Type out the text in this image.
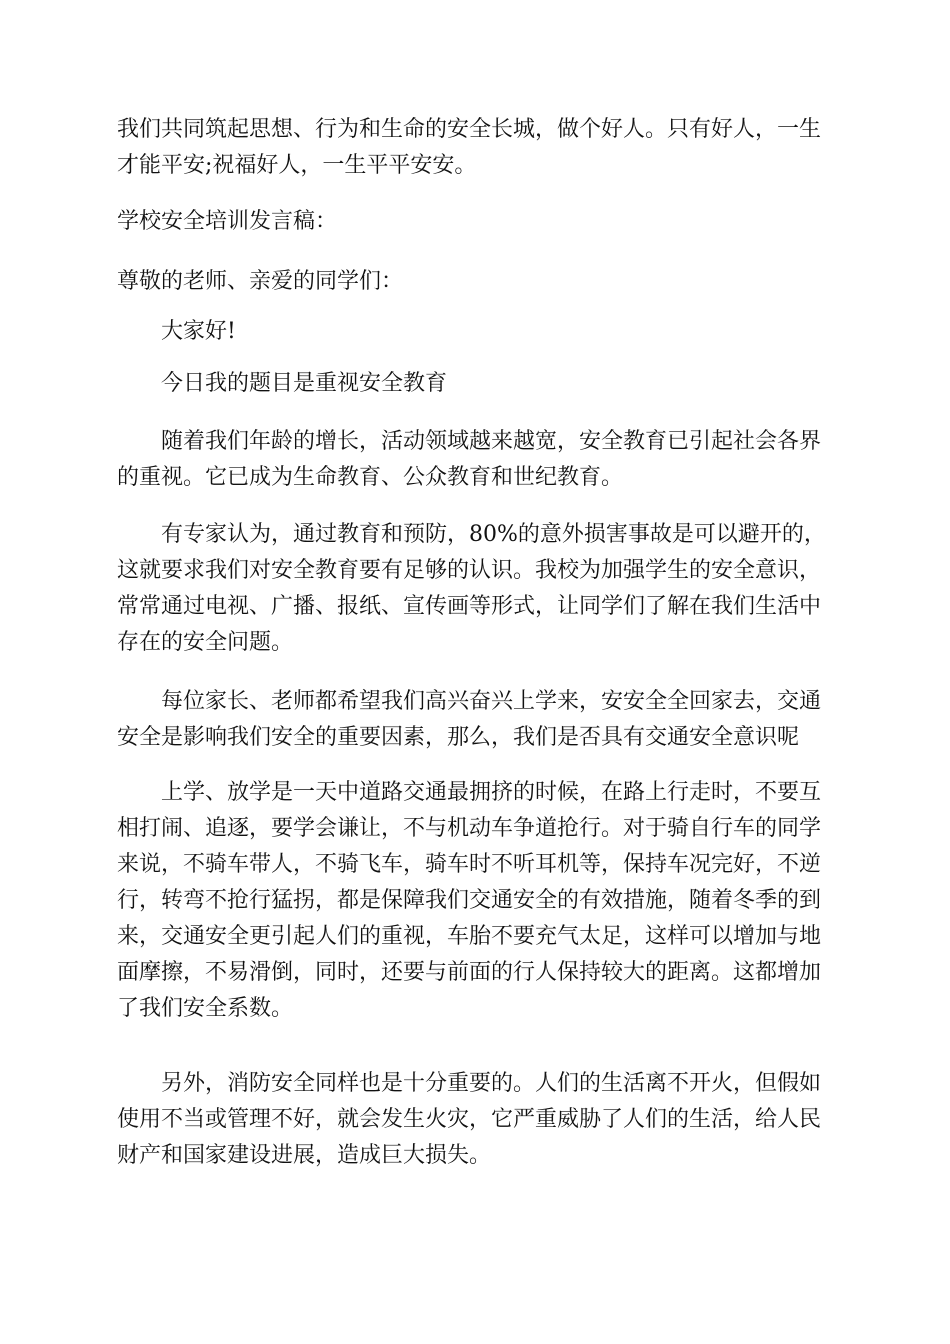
我们共同筑起思想、行为和生命的安全长城，做个好人。只有好人，一生才能平安;祝福好人，一生平平安安。

学校安全培训发言稿：

尊敬的老师、亲爱的同学们：

大家好!

今日我的题目是重视安全教育

随着我们年龄的增长，活动领域越来越宽，安全教育已引起社会各界的重视。它已成为生命教育、公众教育和世纪教育。

有专家认为，通过教育和预防，80%的意外损害事故是可以避开的，这就要求我们对安全教育要有足够的认识。我校为加强学生的安全意识，常常通过电视、广播、报纸、宣传画等形式，让同学们了解在我们生活中存在的安全问题。

每位家长、老师都希望我们高兴奋兴上学来，安安全全回家去，交通安全是影响我们安全的重要因素，那么，我们是否具有交通安全意识呢

上学、放学是一天中道路交通最拥挤的时候，在路上行走时，不要互相打闹、追逐，要学会谦让，不与机动车争道抢行。对于骑自行车的同学来说，不骑车带人，不骑飞车，骑车时不听耳机等，保持车况完好，不逆行，转弯不抢行猛拐，都是保障我们交通安全的有效措施，随着冬季的到来，交通安全更引起人们的重视，车胎不要充气太足，这样可以增加与地面摩擦，不易滑倒，同时，还要与前面的行人保持较大的距离。这都增加了我们安全系数。

另外，消防安全同样也是十分重要的。人们的生活离不开火，但假如使用不当或管理不好，就会发生火灾，它严重威胁了人们的生活，给人民财产和国家建设进展，造成巨大损失。
